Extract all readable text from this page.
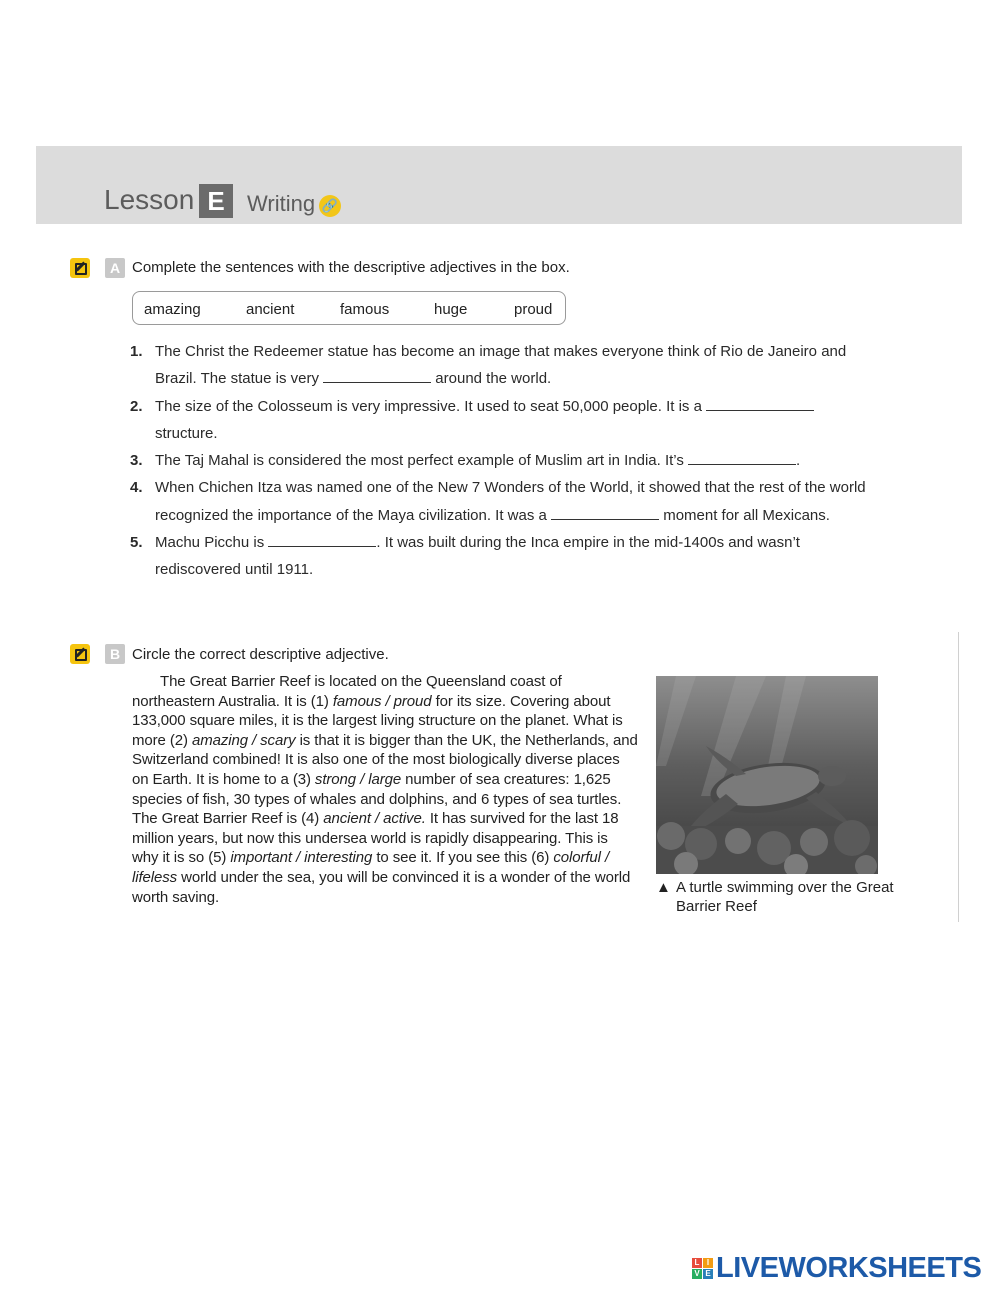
Lesson E	Writing 🔗
A Complete the sentences with the descriptive adjectives in the box.
amazing	ancient	famous	huge	proud
1. The Christ the Redeemer statue has become an image that makes everyone think of Rio de Janeiro and Brazil. The statue is very	around the world.
2. The size of the Colosseum is very impressive. It used to seat 50,000 people. It is a  structure.
3. The Taj Mahal is considered the most perfect example of Muslim art in India. It’s	.
4. When Chichen Itza was named one of the New 7 Wonders of the World, it showed that the rest of the world recognized the importance of the Maya civilization. It was a	moment for all Mexicans.
5. Machu Picchu is	. It was built during the Inca empire in the mid-1400s and wasn’t rediscovered until 1911.
B Circle the correct descriptive adjective.

The Great Barrier Reef is located on the Queensland coast of northeastern Australia. It is (1) famous / proud for its size. Covering about 133,000 square miles, it is the largest living structure on the planet. What is more (2) amazing / scary is that it is bigger than the UK, the Netherlands, and Switzerland combined! It is also one of the most biologically diverse places on Earth. It is home to a (3) strong / large number of sea creatures: 1,625 species of fish, 30 types of whales and dolphins, and 6 types of sea turtles. The Great Barrier Reef is (4) ancient / active. It has survived for the last 18 million years, but now this undersea world is rapidly disappearing. This is why it is so (5) important / interesting to see it. If you see this (6) colorful / lifeless world under the sea, you will be convinced it is a wonder of the world worth saving.

▲ A turtle swimming over the Great Barrier Reef
L I
V E LIVEWORKSHEETS
